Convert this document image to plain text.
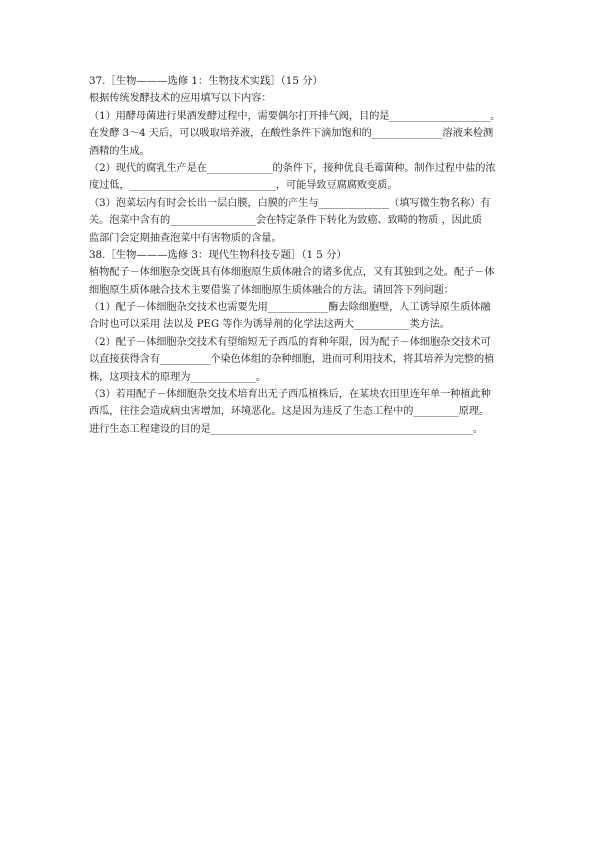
37.［生物———选修 1：生物技术实践］（15 分）
根据传统发酵技术的应用填写以下内容：
（1）用酵母菌进行果酒发酵过程中，需要偶尔打开排气阀，目的是____________________。
在发酵 3～4 天后，可以吸取培养液，在酸性条件下滴加饱和的______________溶液来检测
酒精的生成。
（2）现代的腐乳生产是在_____________的条件下，接种优良毛霉菌种。制作过程中盐的浓
度过低，_____________________________，可能导致豆腐腐败变质。
（3）泡菜坛内有时会长出一层白膜，白膜的产生与______________（填写微生物名称）有
关。泡菜中含有的_________________会在特定条件下转化为致癌、致畸的物质 ，因此质
监部门会定期抽查泡菜中有害物质的含量。
38.［生物———选修 3：现代生物科技专题］（1 5 分）
植物配子－体细胞杂交既具有体细胞原生质体融合的诸多优点，又有其独到之处。配子－体
细胞原生质体融合技术主要借鉴了体细胞原生质体融合的方法。请回答下列问题：
（1）配子－体细胞杂交技术也需要先用____________酶去除细胞壁，人工诱导原生质体融
合时也可以采用 法以及 PEG 等作为诱导剂的化学法这两大___________类方法。
（2）配子－体细胞杂交技术有望缩短无子西瓜的育种年限，因为配子－体细胞杂交技术可
以直接获得含有__________个染色体组的杂种细胞，进而可利用技术，将其培养为完整的植
株，这项技术的原理为_____________。
（3）若用配子－体细胞杂交技术培育出无子西瓜植株后，在某块农田里连年单一种植此种
西瓜，往往会造成病虫害增加，环境恶化。这是因为违反了生态工程中的_________原理。
进行生态工程建设的目的是____________________________________________________。
